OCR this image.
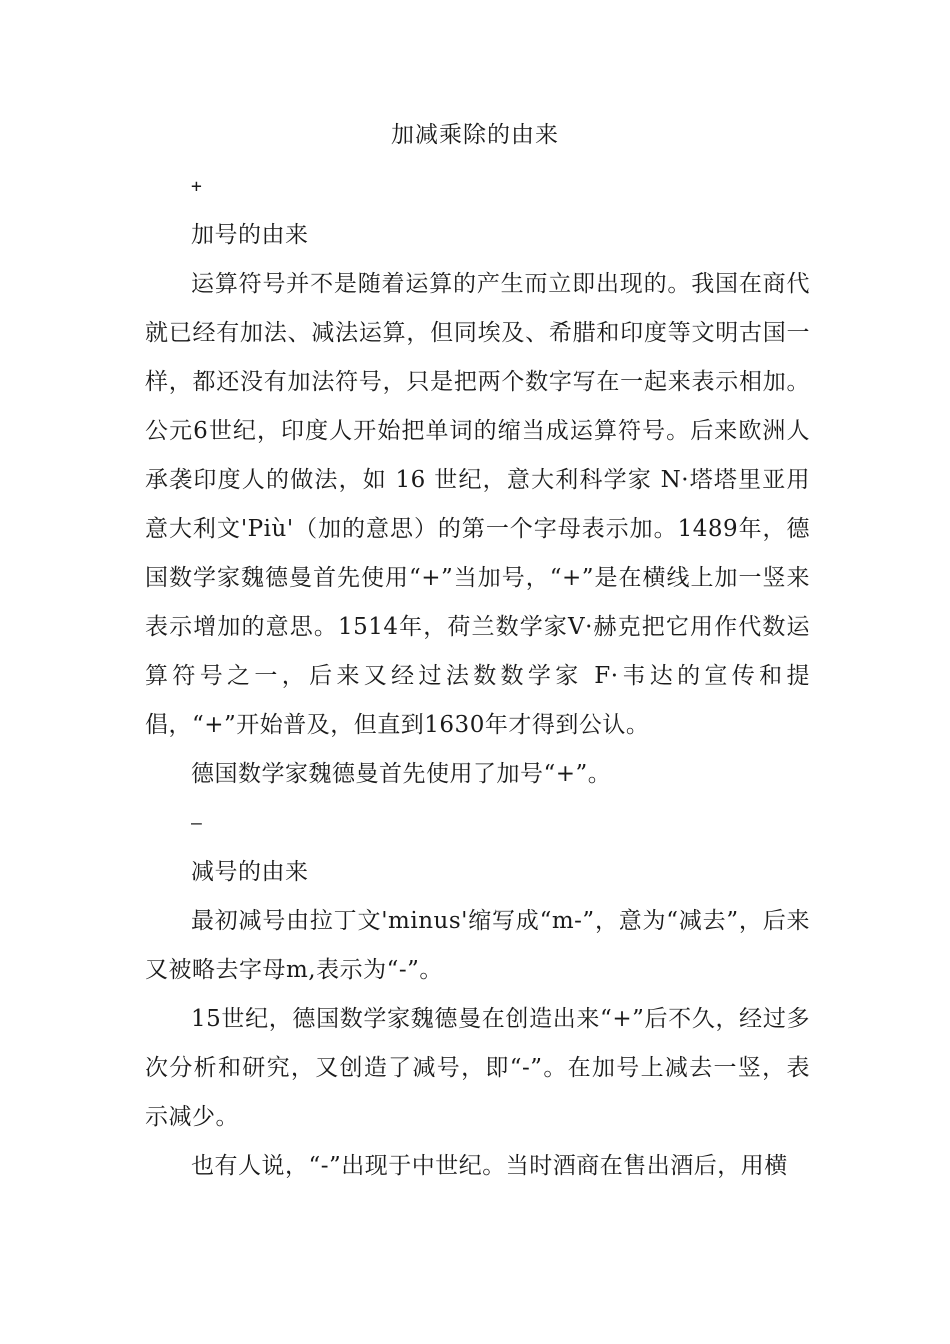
加减乘除的由来

+

加号的由来

运算符号并不是随着运算的产生而立即出现的。我国在商代就已经有加法、减法运算，但同埃及、希腊和印度等文明古国一样，都还没有加法符号，只是把两个数字写在一起来表示相加。公元6世纪，印度人开始把单词的缩当成运算符号。后来欧洲人承袭印度人的做法，如 16 世纪，意大利科学家 N·塔塔里亚用意大利文'Più'（加的意思）的第一个字母表示加。1489年，德国数学家魏德曼首先使用“+”当加号，“+”是在横线上加一竖来表示增加的意思。1514年，荷兰数学家V·赫克把它用作代数运算符号之一，后来又经过法数数学家 F·韦达的宣传和提倡，“+”开始普及，但直到1630年才得到公认。

德国数学家魏德曼首先使用了加号“+”。

–

减号的由来

最初减号由拉丁文'minus'缩写成“m-”，意为“减去”，后来又被略去字母m,表示为“-”。

15世纪，德国数学家魏德曼在创造出来“+”后不久，经过多次分析和研究，又创造了减号，即“-”。在加号上减去一竖，表示减少。

也有人说，“-”出现于中世纪。当时酒商在售出酒后，用横
